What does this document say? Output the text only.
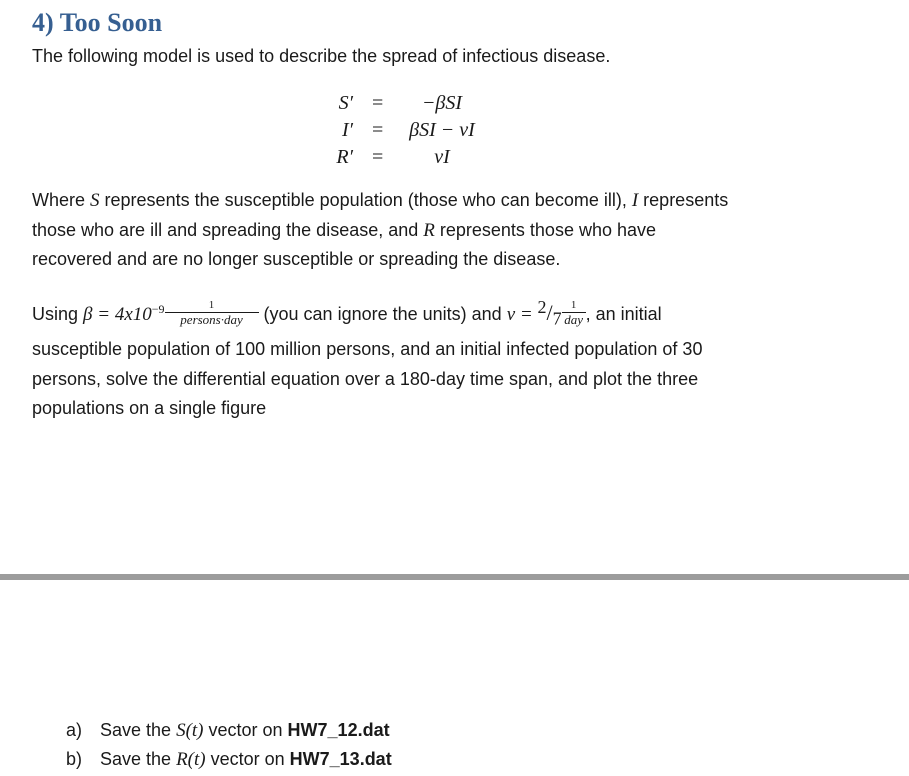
4) Too Soon
The following model is used to describe the spread of infectious disease.
S′ =	−βSI
I′ =	βSI − νI
R′ =	νI
Where S represents the susceptible population (those who can become ill), I represents
those who are ill and spreading the disease, and R represents those who have
recovered and are no longer susceptible or spreading the disease.
Using $\beta = 4x10^{-9} \frac{1}{\text{persons·day}} (you$ can ignore the units) and $\nu = ^2/_7 \frac{1}{\text{day}}$ , an initial
susceptible population of 100 million persons, and an initial infected population of 30
persons, solve the differential equation over a 180-day time span, and plot the three
populations on a single figure
a) Save the S(t) vector on HW7_12.dat
b) Save the R(t) vector on HW7_13.dat
